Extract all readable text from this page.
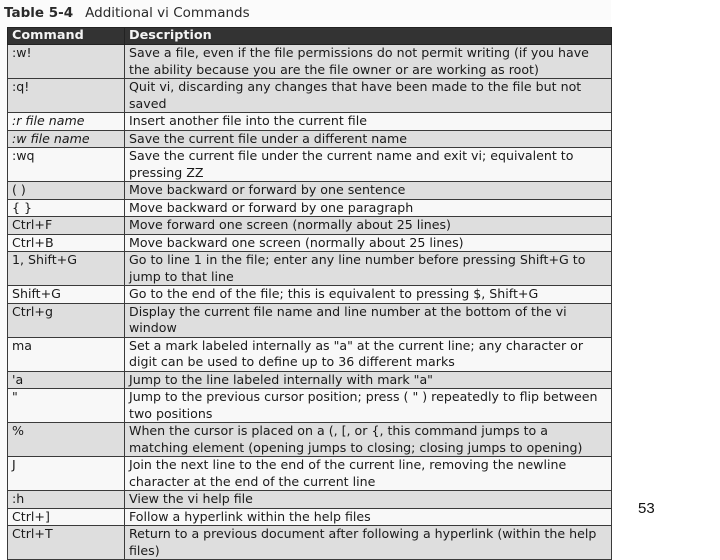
Table 5-4 Additional vi Commands
Command	Description
:w!	Save a file, even if the file permissions do not permit writing (if you have the ability because you are the file owner or are working as root)
:q!	Quit vi, discarding any changes that have been made to the file but not saved
:r file name	Insert another file into the current file
:w file name	Save the current file under a different name
:wq	Save the current file under the current name and exit vi; equivalent to pressing ZZ
( )	Move backward or forward by one sentence
{ }	Move backward or forward by one paragraph
Ctrl+F	Move forward one screen (normally about 25 lines)
Ctrl+B	Move backward one screen (normally about 25 lines)
1, Shift+G	Go to line 1 in the file; enter any line number before pressing Shift+G to jump to that line
Shift+G	Go to the end of the file; this is equivalent to pressing $, Shift+G
Ctrl+g	Display the current file name and line number at the bottom of the vi window
ma	Set a mark labeled internally as "a" at the current line; any character or digit can be used to define up to 36 different marks
'a	Jump to the line labeled internally with mark "a"
"	Jump to the previous cursor position; press ( " ) repeatedly to flip between two positions
%	When the cursor is placed on a (, [, or {, this command jumps to a matching element (opening jumps to closing; closing jumps to opening)
J	Join the next line to the end of the current line, removing the newline character at the end of the current line
:h	View the vi help file
Ctrl+]	Follow a hyperlink within the help files
Ctrl+T	Return to a previous document after following a hyperlink (within the help files)
53
